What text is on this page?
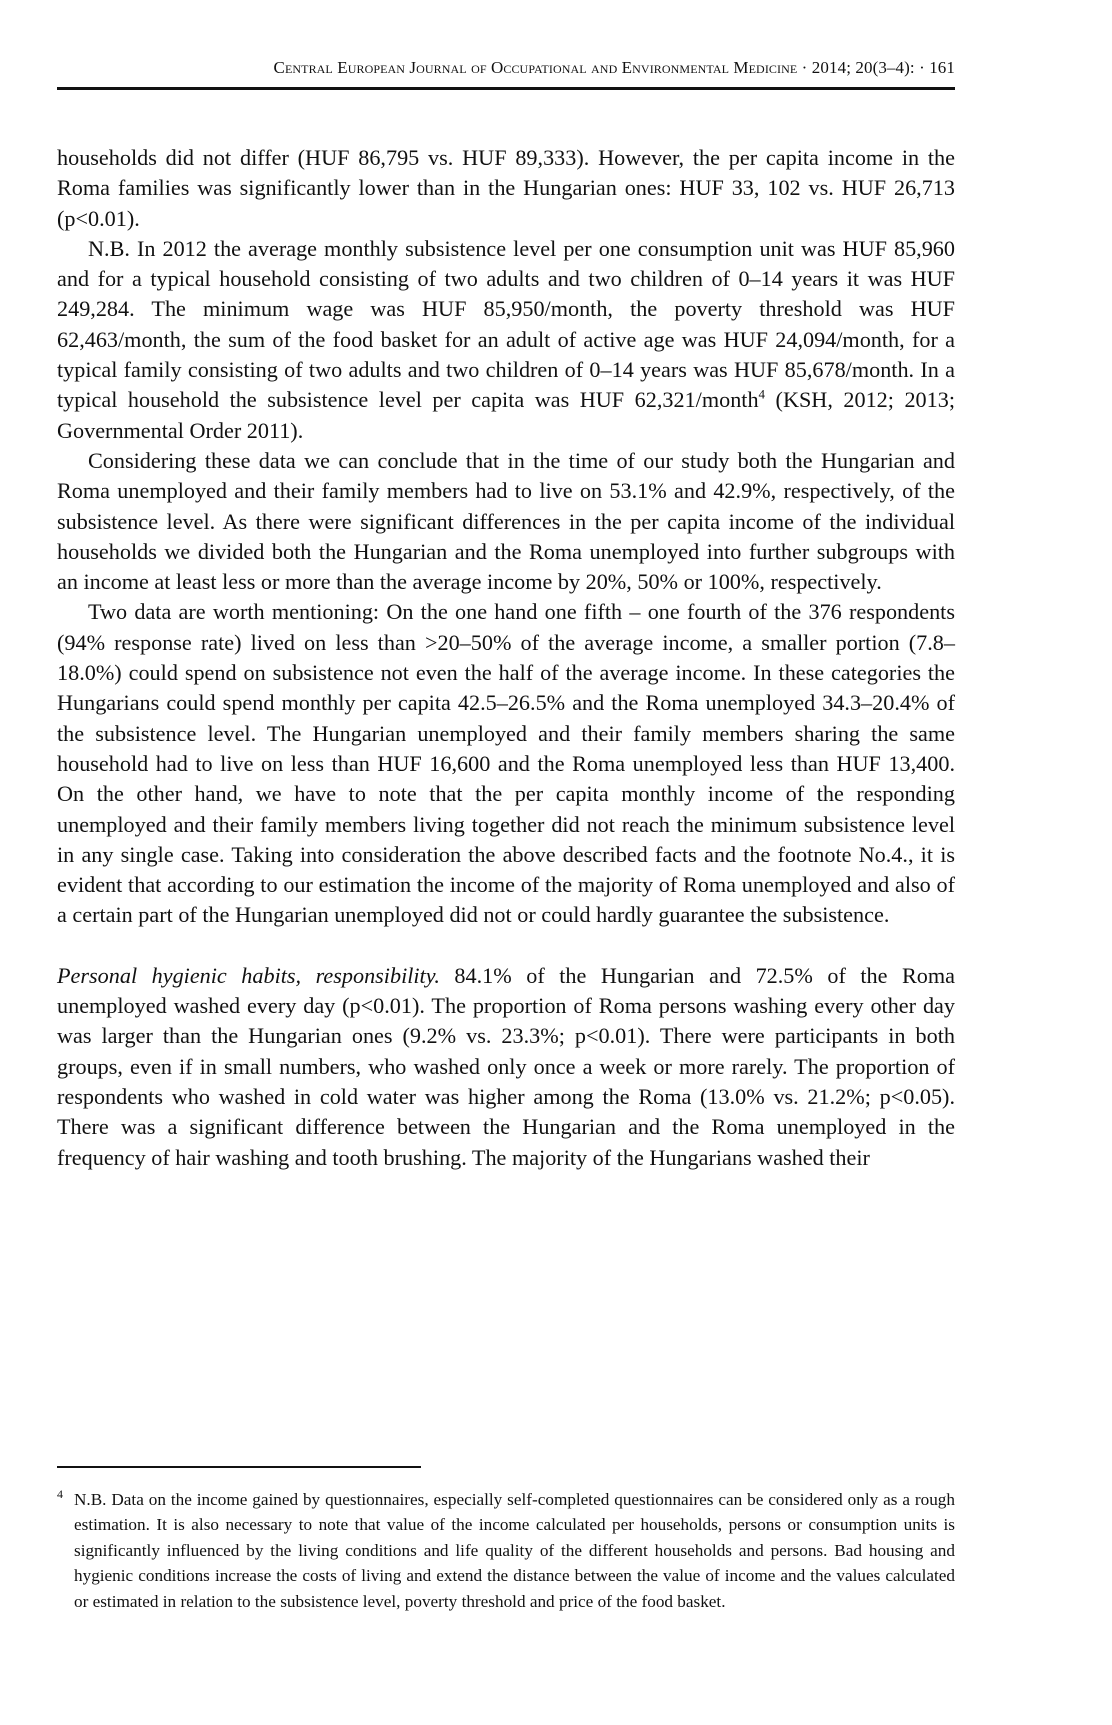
Central European Journal of Occupational and Environmental Medicine · 2014; 20(3–4): · 161

households did not differ (HUF 86,795 vs. HUF 89,333). However, the per capita income in the Roma families was significantly lower than in the Hungarian ones: HUF 33, 102 vs. HUF 26,713 (p<0.01).

N.B. In 2012 the average monthly subsistence level per one consumption unit was HUF 85,960 and for a typical household consisting of two adults and two children of 0–14 years it was HUF 249,284. The minimum wage was HUF 85,950/month, the poverty threshold was HUF 62,463/month, the sum of the food basket for an adult of active age was HUF 24,094/month, for a typical family consisting of two adults and two children of 0–14 years was HUF 85,678/month. In a typical household the subsistence level per capita was HUF 62,321/month$^4$ (KSH, 2012; 2013; Governmental Order 2011).

Considering these data we can conclude that in the time of our study both the Hungarian and Roma unemployed and their family members had to live on 53.1% and 42.9%, respectively, of the subsistence level. As there were significant differences in the per capita income of the individual households we divided both the Hungarian and the Roma unemployed into further subgroups with an income at least less or more than the average income by 20%, 50% or 100%, respectively.

Two data are worth mentioning: On the one hand one fifth – one fourth of the 376 respondents (94% response rate) lived on less than >20–50% of the average income, a smaller portion (7.8–18.0%) could spend on subsistence not even the half of the average income. In these categories the Hungarians could spend monthly per capita 42.5–26.5% and the Roma unemployed 34.3–20.4% of the subsistence level. The Hungarian unemployed and their family members sharing the same household had to live on less than HUF 16,600 and the Roma unemployed less than HUF 13,400. On the other hand, we have to note that the per capita monthly income of the responding unemployed and their family members living together did not reach the minimum subsistence level in any single case. Taking into consideration the above described facts and the footnote No.4., it is evident that according to our estimation the income of the majority of Roma unemployed and also of a certain part of the Hungarian unemployed did not or could hardly guarantee the subsistence.

Personal hygienic habits, responsibility. 84.1% of the Hungarian and 72.5% of the Roma unemployed washed every day (p<0.01). The proportion of Roma persons washing every other day was larger than the Hungarian ones (9.2% vs. 23.3%; p<0.01). There were participants in both groups, even if in small numbers, who washed only once a week or more rarely. The proportion of respondents who washed in cold water was higher among the Roma (13.0% vs. 21.2%; p<0.05). There was a significant difference between the Hungarian and the Roma unemployed in the frequency of hair washing and tooth brushing. The majority of the Hungarians washed their

4 N.B. Data on the income gained by questionnaires, especially self-completed questionnaires can be considered only as a rough estimation. It is also necessary to note that value of the income calculated per households, persons or consumption units is significantly influenced by the living conditions and life quality of the different households and persons. Bad housing and hygienic conditions increase the costs of living and extend the distance between the value of income and the values calculated or estimated in relation to the subsistence level, poverty threshold and price of the food basket.
